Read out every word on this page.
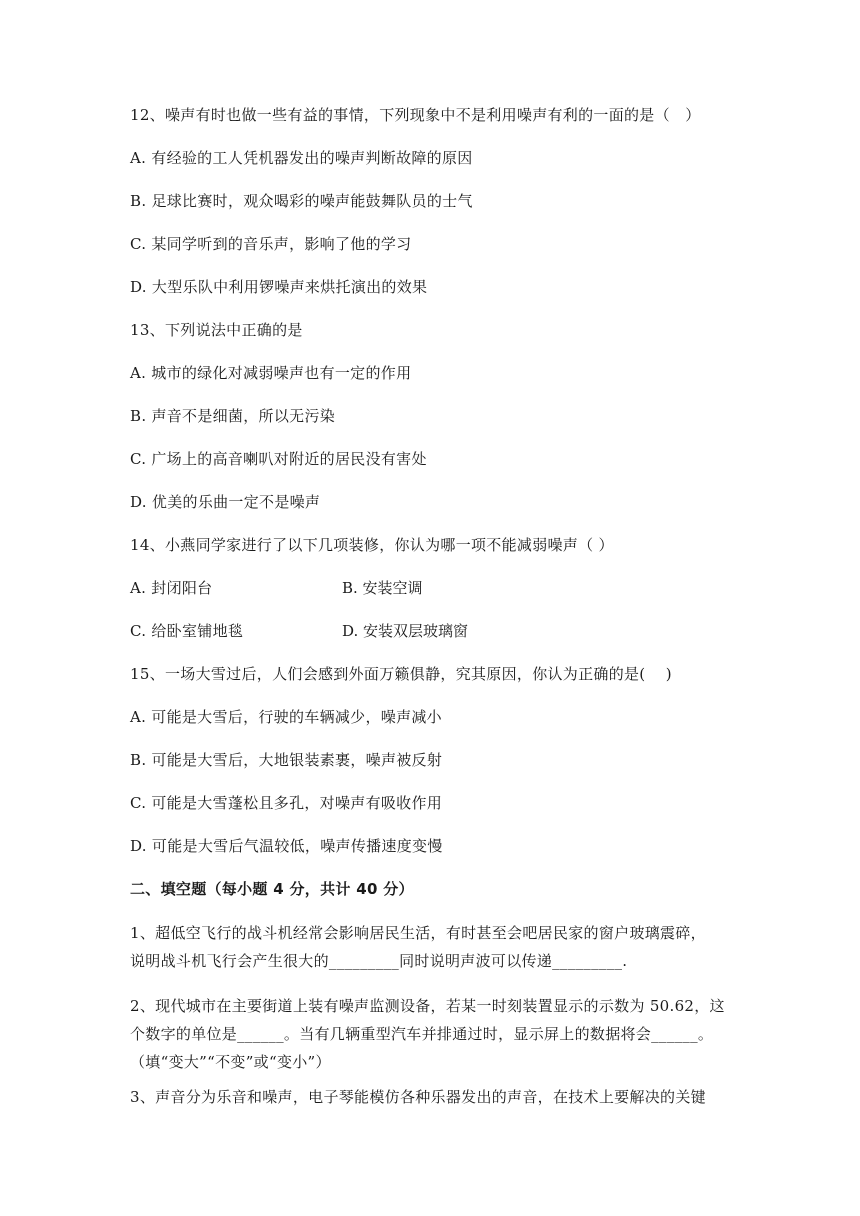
12、噪声有时也做一些有益的事情，下列现象中不是利用噪声有利的一面的是（　）
A. 有经验的工人凭机器发出的噪声判断故障的原因
B. 足球比赛时，观众喝彩的噪声能鼓舞队员的士气
C. 某同学听到的音乐声，影响了他的学习
D. 大型乐队中利用锣噪声来烘托演出的效果
13、下列说法中正确的是
A. 城市的绿化对减弱噪声也有一定的作用
B. 声音不是细菌，所以无污染
C. 广场上的高音喇叭对附近的居民没有害处
D. 优美的乐曲一定不是噪声
14、小燕同学家进行了以下几项装修，你认为哪一项不能减弱噪声（ ）
A. 封闭阳台	B. 安装空调
C. 给卧室铺地毯	D. 安装双层玻璃窗
15、一场大雪过后，人们会感到外面万籁俱静，究其原因，你认为正确的是(　 )
A. 可能是大雪后，行驶的车辆减少，噪声减小
B. 可能是大雪后，大地银装素裹，噪声被反射
C. 可能是大雪蓬松且多孔，对噪声有吸收作用
D. 可能是大雪后气温较低，噪声传播速度变慢
二、填空题（每小题 4 分，共计 40 分）
1、超低空飞行的战斗机经常会影响居民生活，有时甚至会吧居民家的窗户玻璃震碎，
说明战斗机飞行会产生很大的_________同时说明声波可以传递_________.
2、现代城市在主要街道上装有噪声监测设备，若某一时刻装置显示的示数为 50.62，这
个数字的单位是______。当有几辆重型汽车并排通过时，显示屏上的数据将会______。
（填“变大”“不变”或“变小”）
3、声音分为乐音和噪声，电子琴能模仿各种乐器发出的声音，在技术上要解决的关键
